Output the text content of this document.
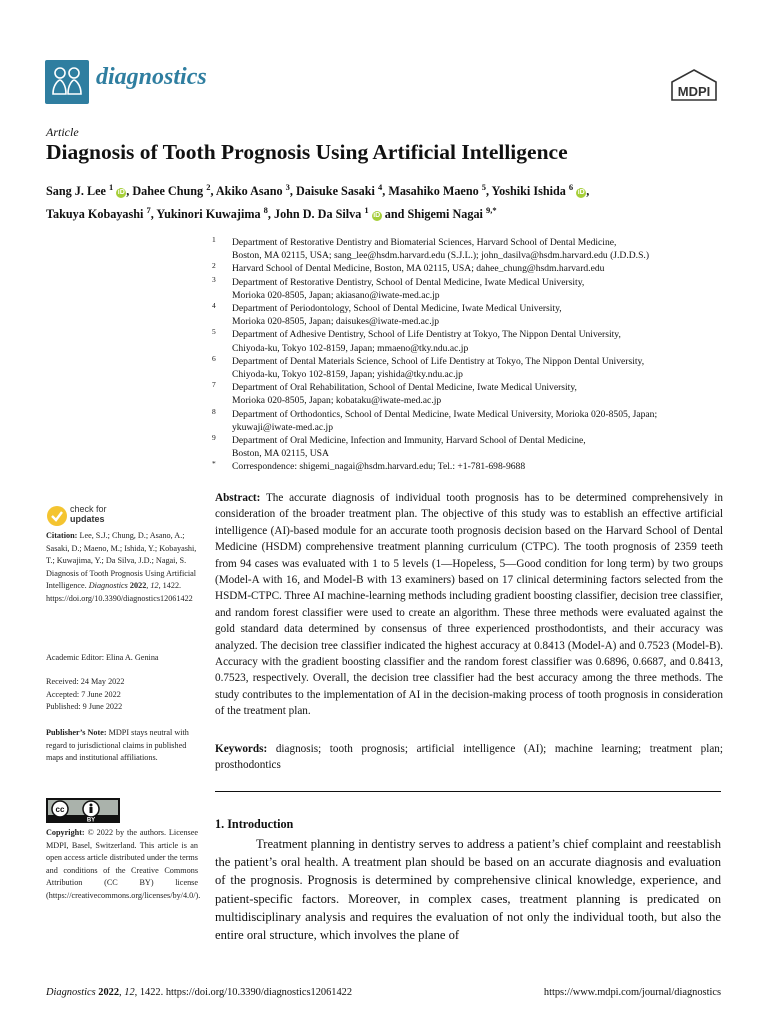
diagnostics
MDPI
Article
Diagnosis of Tooth Prognosis Using Artificial Intelligence
Sang J. Lee $^1$ iD , Dahee Chung $^2$, Akiko Asano $^3$, Daisuke Sasaki $^4$, Masahiko Maeno $^5$, Yoshiki Ishida $^6$ iD ,
Takuya Kobayashi $^7$, Yukinori Kuwajima $^8$, John D. Da Silva $^1$ iD and Shigemi Nagai $^{9,*}$
1 Department of Restorative Dentistry and Biomaterial Sciences, Harvard School of Dental Medicine,
Boston, MA 02115, USA; sang_lee@hsdm.harvard.edu (S.J.L.); john_dasilva@hsdm.harvard.edu (J.D.D.S.)
2 Harvard School of Dental Medicine, Boston, MA 02115, USA; dahee_chung@hsdm.harvard.edu
3 Department of Restorative Dentistry, School of Dental Medicine, Iwate Medical University,
Morioka 020-8505, Japan; akiasano@iwate-med.ac.jp
4 Department of Periodontology, School of Dental Medicine, Iwate Medical University,
Morioka 020-8505, Japan; daisukes@iwate-med.ac.jp
5 Department of Adhesive Dentistry, School of Life Dentistry at Tokyo, The Nippon Dental University,
Chiyoda-ku, Tokyo 102-8159, Japan; mmaeno@tky.ndu.ac.jp
6 Department of Dental Materials Science, School of Life Dentistry at Tokyo, The Nippon Dental University,
Chiyoda-ku, Tokyo 102-8159, Japan; yishida@tky.ndu.ac.jp
7 Department of Oral Rehabilitation, School of Dental Medicine, Iwate Medical University,
Morioka 020-8505, Japan; kobataku@iwate-med.ac.jp
8 Department of Orthodontics, School of Dental Medicine, Iwate Medical University, Morioka 020-8505, Japan;
ykuwaji@iwate-med.ac.jp
9 Department of Oral Medicine, Infection and Immunity, Harvard School of Dental Medicine,
Boston, MA 02115, USA
* Correspondence: shigemi_nagai@hsdm.harvard.edu; Tel.: +1-781-698-9688
check for
updates
Citation: Lee, S.J.; Chung, D.; Asano, A.; Sasaki, D.; Maeno, M.; Ishida, Y.; Kobayashi, T.; Kuwajima, Y.; Da Silva, J.D.; Nagai, S. Diagnosis of Tooth Prognosis Using Artificial Intelligence. Diagnostics 2022, 12, 1422. https://doi.org/10.3390/diagnostics12061422
Academic Editor: Elina A. Genina
Received: 24 May 2022
Accepted: 7 June 2022
Published: 9 June 2022
Publisher’s Note: MDPI stays neutral with regard to jurisdictional claims in published maps and institutional affiliations.
cc
BY
Copyright: © 2022 by the authors. Licensee MDPI, Basel, Switzerland. This article is an open access article distributed under the terms and conditions of the Creative Commons Attribution (CC BY) license (https://creativecommons.org/licenses/by/4.0/).
Abstract: The accurate diagnosis of individual tooth prognosis has to be determined comprehensively in consideration of the broader treatment plan. The objective of this study was to establish an effective artificial intelligence (AI)-based module for an accurate tooth prognosis decision based on the Harvard School of Dental Medicine (HSDM) comprehensive treatment planning curriculum (CTPC). The tooth prognosis of 2359 teeth from 94 cases was evaluated with 1 to 5 levels (1—Hopeless, 5—Good condition for long term) by two groups (Model-A with 16, and Model-B with 13 examiners) based on 17 clinical determining factors selected from the HSDM-CTPC. Three AI machine-learning methods including gradient boosting classifier, decision tree classifier, and random forest classifier were used to create an algorithm. These three methods were evaluated against the gold standard data determined by consensus of three experienced prosthodontists, and their accuracy was analyzed. The decision tree classifier indicated the highest accuracy at 0.8413 (Model-A) and 0.7523 (Model-B). Accuracy with the gradient boosting classifier and the random forest classifier was 0.6896, 0.6687, and 0.8413, 0.7523, respectively. Overall, the decision tree classifier had the best accuracy among the three methods. The study contributes to the implementation of AI in the decision-making process of tooth prognosis in consideration of the treatment plan.
Keywords: diagnosis; tooth prognosis; artificial intelligence (AI); machine learning; treatment plan; prosthodontics
1. Introduction
Treatment planning in dentistry serves to address a patient’s chief complaint and reestablish the patient’s oral health. A treatment plan should be based on an accurate diagnosis and evaluation of the prognosis. Prognosis is determined by comprehensive clinical knowledge, experience, and patient-specific factors. Moreover, in complex cases, treatment planning is predicated on multidisciplinary analysis and requires the evaluation of not only the individual tooth, but also the entire oral structure, which involves the plane of
Diagnostics 2022, 12, 1422. https://doi.org/10.3390/diagnostics12061422	https://www.mdpi.com/journal/diagnostics
